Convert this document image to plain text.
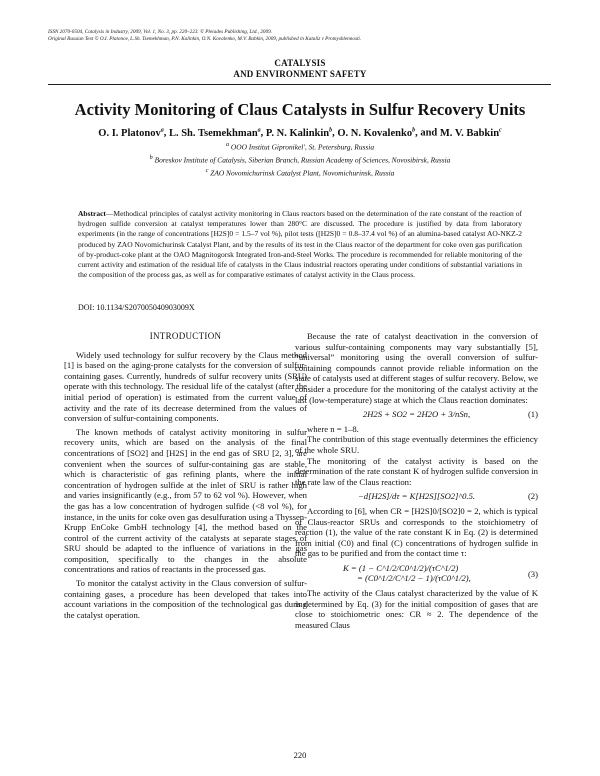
ISSN 2070-0504, Catalysis in Industry, 2009, Vol. 1, No. 3, pp. 220–223. © Pleiades Publishing, Ltd., 2009.
Original Russian Text © O.I. Platonov, L.Sh. Tsemekhman, P.N. Kalinkin, O.N. Kovalenko, M.V. Babkin, 2009, published in Kataliz v Promyshlennosti.
CATALYSIS
AND ENVIRONMENT SAFETY
Activity Monitoring of Claus Catalysts in Sulfur Recovery Units
O. I. Platonov$^a$, L. Sh. Tsemekhman$^a$, P. N. Kalinkin$^b$, O. N. Kovalenko$^b$, and M. V. Babkin$^c$
$^a$ OOO Institut Gipronikel', St. Petersburg, Russia
$^b$ Boreskov Institute of Catalysis, Siberian Branch, Russian Academy of Sciences, Novosibirsk, Russia
$^c$ ZAO Novomichurinsk Catalyst Plant, Novomichurinsk, Russia
Abstract—Methodical principles of catalyst activity monitoring in Claus reactors based on the determination of the rate constant of the reaction of hydrogen sulfide conversion at catalyst temperatures lower than 280°C are discussed. The procedure is justified by data from laboratory experiments (in the range of concentrations [H2S]0 = 1.5–7 vol %), pilot tests ([H2S]0 = 0.8–37.4 vol %) of an alumina-based catalyst AO-NKZ-2 produced by ZAO Novomichurinsk Catalyst Plant, and by the results of its test in the Claus reactor of the department for coke oven gas purification of by-product-coke plant at the OAO Magnitogorsk Integrated Iron-and-Steel Works. The procedure is recommended for reliable monitoring of the current activity and estimation of the residual life of catalysts in the Claus industrial reactors operating under conditions of substantial variations in the composition of the process gas, as well as for comparative estimates of catalyst activity in the Claus process.
DOI: 10.1134/S207005040903009X
INTRODUCTION

Widely used technology for sulfur recovery by the Claus method [1] is based on the aging-prone catalysts for the conversion of sulfur-containing gases. Currently, hundreds of sulfur recovery units (SRU) operate with this technology. The residual life of the catalyst (after the initial period of operation) is estimated from the current value of activity and the rate of its decrease determined from the values of conversion of sulfur-containing components.

The known methods of catalyst activity monitoring in sulfur recovery units, which are based on the analysis of the final concentrations of [SO2] and [H2S] in the end gas of SRU [2, 3], are convenient when the sources of sulfur-containing gas are stable, which is characteristic of gas refining plants, where the initial concentration of hydrogen sulfide at the inlet of SRU is rather high and varies insignificantly (e.g., from 57 to 62 vol %). However, when the gas has a low concentration of hydrogen sulfide (<8 vol %), for instance, in the units for coke oven gas desulfuration using a Thyssen-Krupp EnCoke GmbH technology [4], the method based on the control of the current activity of the catalysts at separate stages of SRU should be adapted to the influence of variations in the gas composition, specifically to the changes in the absolute concentrations and ratios of reactants in the processed gas.

To monitor the catalyst activity in the Claus conversion of sulfur-containing gases, a procedure has been developed that takes into account variations in the composition of the technological gas during the catalyst operation.

Because the rate of catalyst deactivation in the conversion of various sulfur-containing components may vary substantially [5], “universal” monitoring using the overall conversion of sulfur-containing compounds cannot provide reliable information on the state of catalysts used at different stages of sulfur recovery. Below, we consider a procedure for the monitoring of the catalyst activity at the last (low-temperature) stage at which the Claus reaction dominates:

2H2S + SO2 = 2H2O + 3/nSn,	(1)

where n = 1–8.

The contribution of this stage eventually determines the efficiency of the whole SRU.

The monitoring of the catalyst activity is based on the determination of the rate constant K of hydrogen sulfide conversion in the rate law of the Claus reaction:

−d[H2S]/dτ = K[H2S][SO2]^0.5.	(2)

According to [6], when CR = [H2S]0/[SO2]0 = 2, which is typical of Claus-reactor SRUs and corresponds to the stoichiometry of reaction (1), the value of the rate constant K in Eq. (2) is determined from initial (C0) and final (C) concentrations of hydrogen sulfide in the gas to be purified and from the contact time τ:

K = (1 − C^1/2/C0^1/2)/(τC^1/2)
= (C0^1/2/C^1/2 − 1)/(τC0^1/2),	(3)

The activity of the Claus catalyst characterized by the value of K is determined by Eq. (3) for the initial composition of gases that are close to stoichiometric ones: CR ≈ 2. The dependence of the measured Claus

220
